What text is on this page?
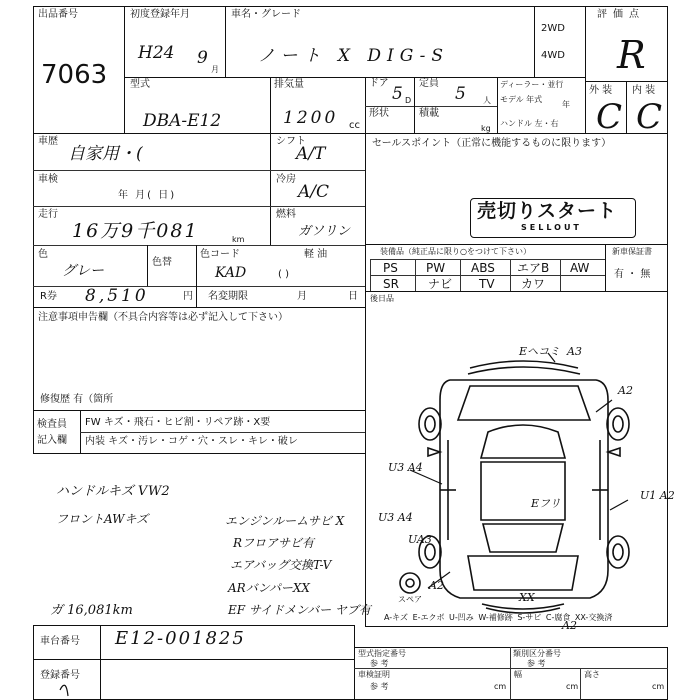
出品番号
7063
初度登録年月
H24 9
月
車名・グレード
ノート X DIG-S
2WD
4WD
評価点
R
外 装 内 装
C C
型式
DBA-E12
排気量
1200 cc
ドア
5 D
形状
定員
5 人
積載
kg
ディーラー・並行
モデル 年式
年
ハンドル 左・右
車歴
自家用・(
車検
年 月( 日)
走行
16万9千081	km
色
グレー
色替
色コード
KAD
シフト
A/T
冷房
A/C
燃料
ガソリン
軽 油
( )
R券 8,510	円 名変期限	月	日
注意事項申告欄（不具合内容等は必ず記入して下さい）
修復歴 有（箇所
検査員
記入欄
FW キズ・飛石・ヒビ割・リペア跡・X要
内装 キズ・汚レ・コゲ・穴・スレ・キレ・破レ
ハンドルキズ V W2
フロントAWキズ	エンジンルームサビ X
Rフロアサビ有
エアバッグ交換T-V
ARバンパーXX
ガ 16,081km	EF サイドメンバー ヤブ有
車台番号 E12-001825
登録番号
セールスポイント（正常に機能するものに限ります）
売切りスタート
SELLOUT
装備品（純正品に限り○をつけて下さい）	新車保証書
有 ・ 無
PS PW ABS エアB AW
SR ナビ TV カワ
後日品
A-キズ E-エクボ U-凹み W-補修跡 S-サビ C-腐食 XX-交換済
Eヘコミ A3
A2
U3 A4
Eフリ
U1 A2
U3 A4
UA3
A2
XX
A2
スペア
型式指定番号
参 考
類別区分番号
参 考
車検証明
参 考	cm
幅
cm
高さ
cm
